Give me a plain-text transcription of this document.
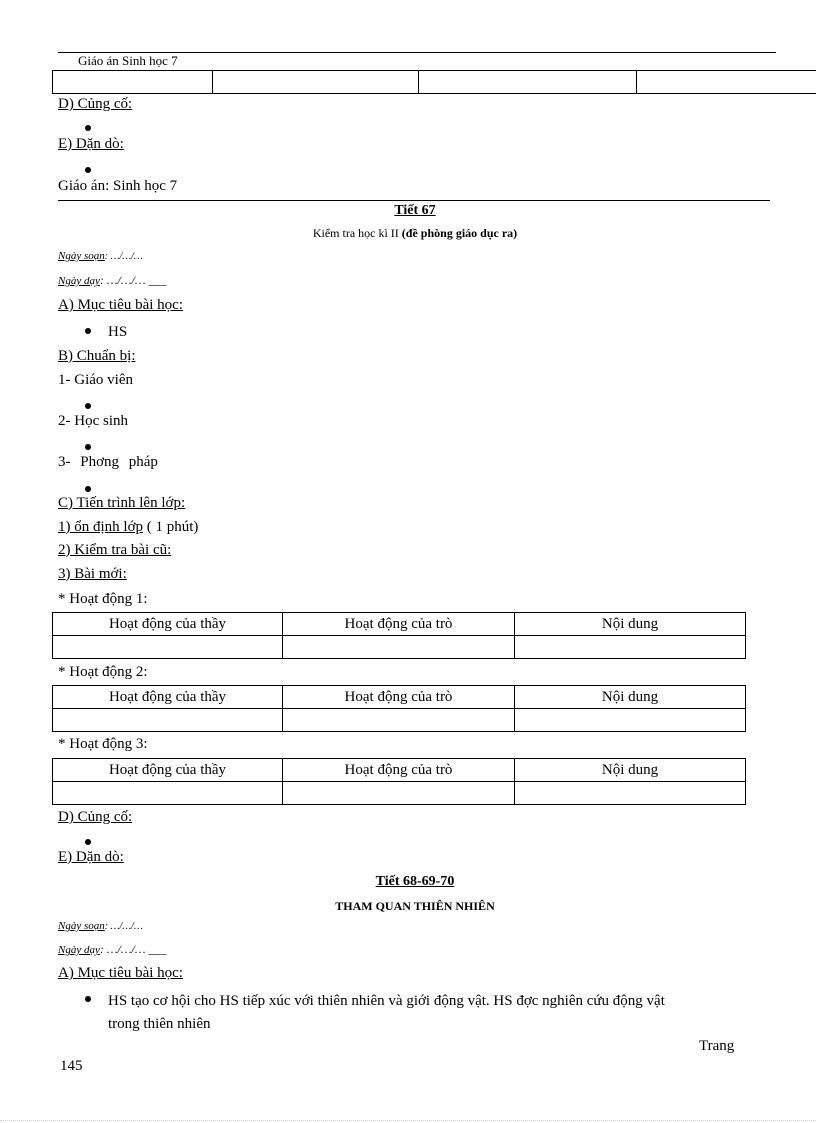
Giáo án Sinh học 7

D) Củng cố:
E) Dặn dò:
Giáo án: Sinh học 7
Tiết 67
Kiểm tra học kì II (đề phòng giáo dục ra)
Ngày soạn: …/…/…
Ngày dạy: …/…/… ___
A) Mục tiêu bài học:
HS
B) Chuẩn bị:
1- Giáo viên
2- Học sinh
3- Phơng pháp
C) Tiến trình lên lớp:
1) ổn định lớp ( 1 phút)
2) Kiểm tra bài cũ:
3) Bài mới:
* Hoạt động 1:
Hoạt động của thầy	Hoạt động của trò	Nội dung

* Hoạt động 2:
Hoạt động của thầy	Hoạt động của trò	Nội dung

* Hoạt động 3:
Hoạt động của thầy	Hoạt động của trò	Nội dung

D) Củng cố:
E) Dặn dò:
Tiết 68-69-70
THAM QUAN THIÊN NHIÊN
Ngày soạn: …/…/…
Ngày dạy: …/…/… ___
A) Mục tiêu bài học:
HS tạo cơ hội cho HS tiếp xúc với thiên nhiên và giới động vật. HS đợc nghiên cứu động vật
trong thiên nhiên
Trang
145
